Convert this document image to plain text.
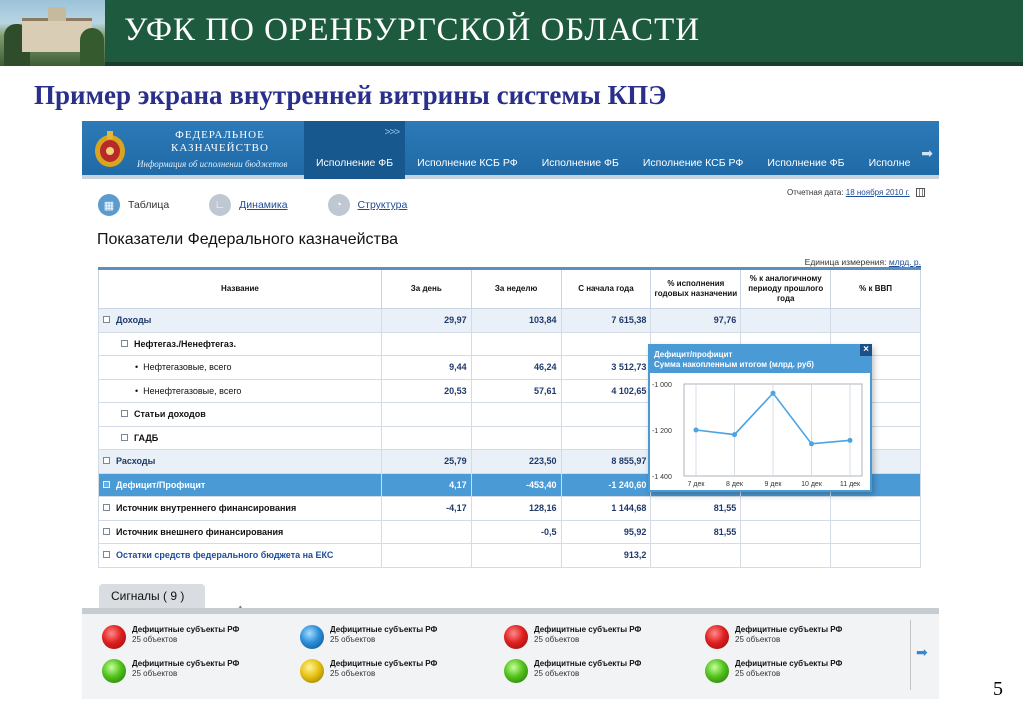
УФК ПО ОРЕНБУРГСКОЙ ОБЛАСТИ
Пример экрана внутренней витрины системы КПЭ
ФЕДЕРАЛЬНОЕ
КАЗНАЧЕЙСТВО
Информация об исполнении бюджетов
>>>
Исполнение ФБ	Исполнение КСБ РФ	Исполнение ФБ	Исполнение КСБ РФ	Исполнение ФБ	Исполне
➡
Отчетная дата: 18 ноября 2010 г.
▦	Таблица	∟	Динамика	◔	Структура
Показатели Федерального казначейства
Единица измерения: млрд. р.
Название	За день	За неделю	С начала года	% исполнения годовых назначении	% к аналогичному периоду прошлого года	% к ВВП
Доходы	29,97	103,84	7 615,38	97,76		
Нефтегаз./Ненефтегаз.						
• Нефтегазовые, всего	9,44	46,24	3 512,73			
• Ненефтегазовые, всего	20,53	57,61	4 102,65			
Статьи доходов						
ГАДБ						
Расходы	25,79	223,50	8 855,97			
Дефицит/Профицит	4,17	-453,40	-1 240,60			
Источник внутреннего финансирования	-4,17	128,16	1 144,68	81,55		
Источник внешнего финансирования		-0,5	95,92	81,55		
Остатки средств федерального бюджета на ЕКС			913,2			
Дефицит/профицит
Сумма накопленным итогом (млрд. руб)
×
-1 000
-1 200
-1 400
7 дек	8 дек	9 дек	10 дек	11 дек
Сигналы ( 9 )
Дефицитные субъекты РФ
25 объектов
Дефицитные субъекты РФ
25 объектов
Дефицитные субъекты РФ
25 объектов
Дефицитные субъекты РФ
25 объектов
Дефицитные субъекты РФ
25 объектов
Дефицитные субъекты РФ
25 объектов
Дефицитные субъекты РФ
25 объектов
Дефицитные субъекты РФ
25 объектов
➡
5
